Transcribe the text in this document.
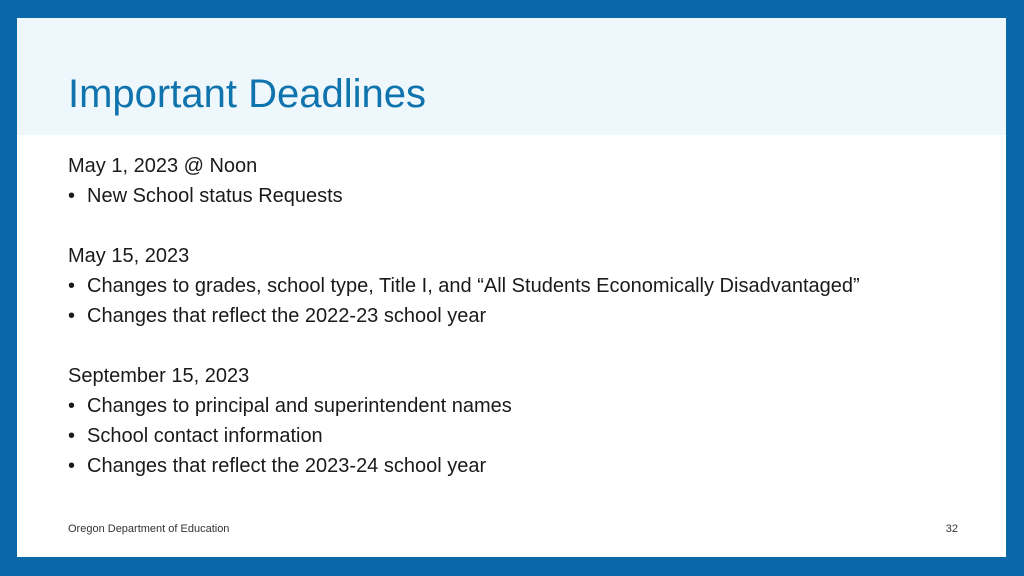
Important Deadlines
May 1, 2023 @ Noon
• New School status Requests
May 15, 2023
• Changes to grades, school type, Title I, and “All Students Economically Disadvantaged”
• Changes that reflect the 2022-23 school year
September 15, 2023
• Changes to principal and superintendent names
• School contact information
• Changes that reflect the 2023-24 school year
Oregon Department of Education	32
